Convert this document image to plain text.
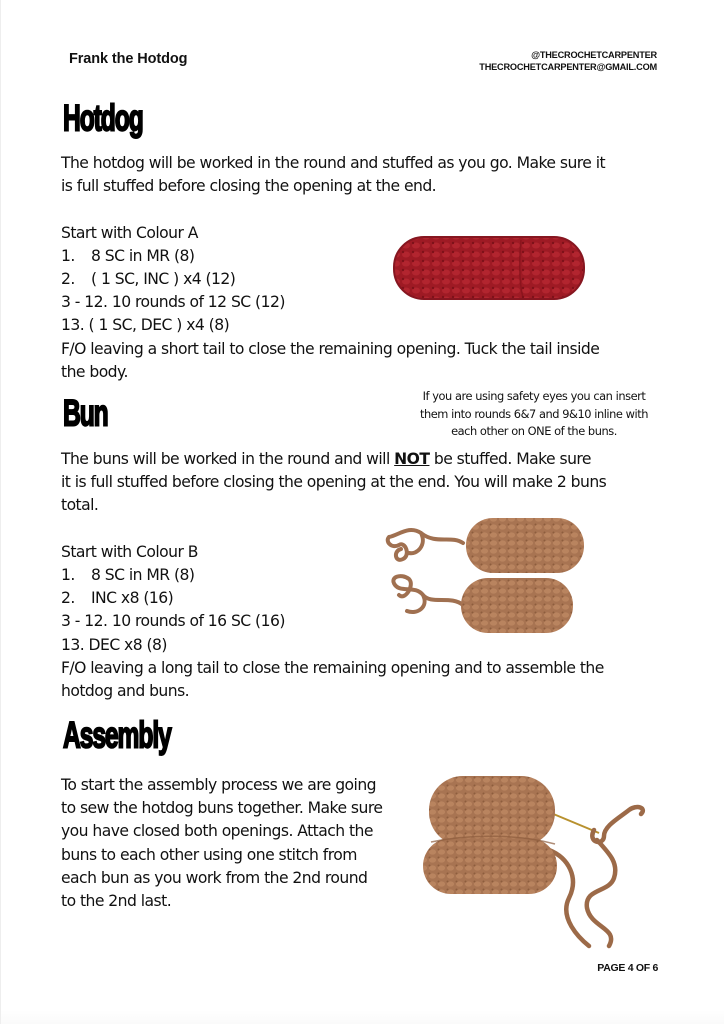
Frank the Hotdog	@THECROCHETCARPENTER
THECROCHETCARPENTER@GMAIL.COM
Hotdog

The hotdog will be worked in the round and stuffed as you go. Make sure it

is full stuffed before closing the opening at the end.

Start with Colour A

1. 8 SC in MR (8)

2. ( 1 SC, INC ) x4 (12)

3 - 12. 10 rounds of 12 SC (12)

13. ( 1 SC, DEC ) x4 (8)

F/O leaving a short tail to close the remaining opening. Tuck the tail inside

the body.

Bun	If you are using safety eyes you can insert

them into rounds 6&7 and 9&10 inline with

each other on ONE of the buns.

The buns will be worked in the round and will NOT be stuffed. Make sure

it is full stuffed before closing the opening at the end. You will make 2 buns

total.

Start with Colour B

1. 8 SC in MR (8)

2. INC x8 (16)

3 - 12. 10 rounds of 16 SC (16)

13. DEC x8 (8)

F/O leaving a long tail to close the remaining opening and to assemble the

hotdog and buns.

Assembly

To start the assembly process we are going

to sew the hotdog buns together. Make sure

you have closed both openings. Attach the

buns to each other using one stitch from

each bun as you work from the 2nd round

to the 2nd last.

PAGE 4 OF 6
